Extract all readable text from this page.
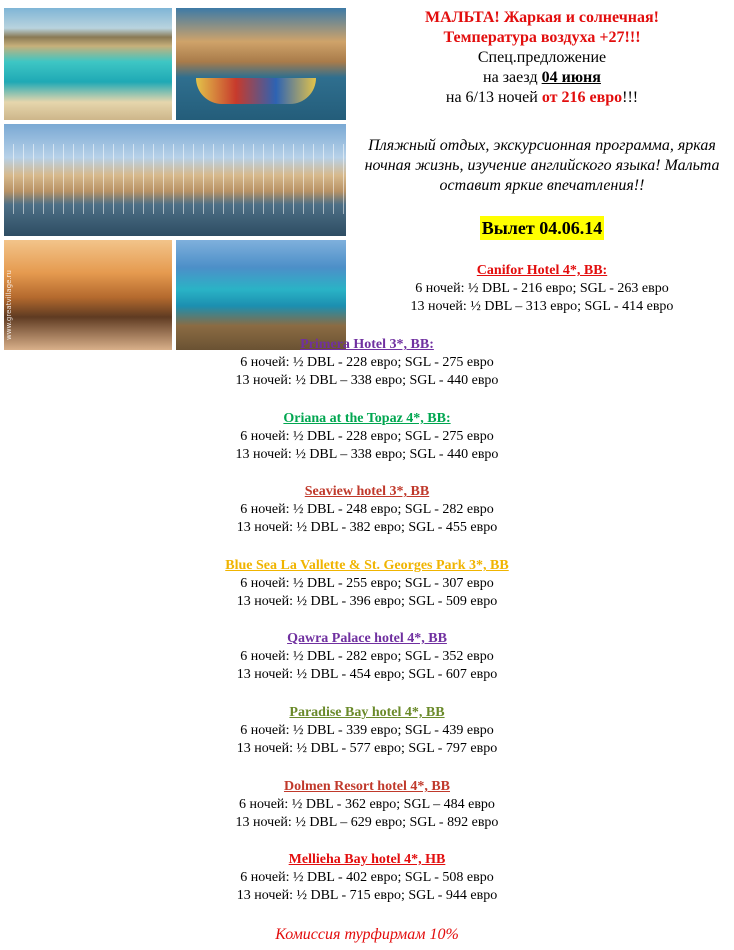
www.greatvillage.ru
МАЛЬТА! Жаркая и солнечная!
Температура воздуха +27!!!
Спец.предложение
на заезд 04 июня
на 6/13 ночей от 216 евро!!!
Пляжный отдых, экскурсионная программа, яркая ночная жизнь, изучение английского языка! Мальта оставит яркие впечатления!!
Вылет 04.06.14
Canifor Hotel 4*, BB:
6 ночей: ½ DBL - 216 евро; SGL - 263 евро
13 ночей: ½ DBL – 313 евро; SGL - 414 евро
Primera Hotel 3*, BB:
6 ночей: ½ DBL - 228 евро; SGL - 275 евро
13 ночей: ½ DBL – 338 евро; SGL - 440 евро
Oriana at the Topaz 4*, BB:
6 ночей: ½ DBL - 228 евро; SGL - 275 евро
13 ночей: ½ DBL – 338 евро; SGL - 440 евро
Seaview hotel 3*, BB
6 ночей: ½ DBL - 248 евро; SGL - 282 евро
13 ночей: ½ DBL - 382 евро; SGL - 455 евро
Blue Sea La Vallette & St. Georges Park 3*, BB
6 ночей: ½ DBL - 255 евро; SGL - 307 евро
13 ночей: ½ DBL - 396 евро; SGL - 509 евро
Qawra Palace hotel 4*, BB
6 ночей: ½ DBL - 282 евро; SGL - 352 евро
13 ночей: ½ DBL - 454 евро; SGL - 607 евро
Paradise Bay hotel 4*, BB
6 ночей: ½ DBL - 339 евро; SGL - 439 евро
13 ночей: ½ DBL - 577 евро; SGL - 797 евро
Dolmen Resort hotel 4*, BB
6 ночей: ½ DBL - 362 евро; SGL – 484 евро
13 ночей: ½ DBL – 629 евро; SGL - 892 евро
Mellieha Bay hotel 4*, HB
6 ночей: ½ DBL - 402 евро; SGL - 508 евро
13 ночей: ½ DBL - 715 евро; SGL - 944 евро
Комиссия турфирмам 10%
